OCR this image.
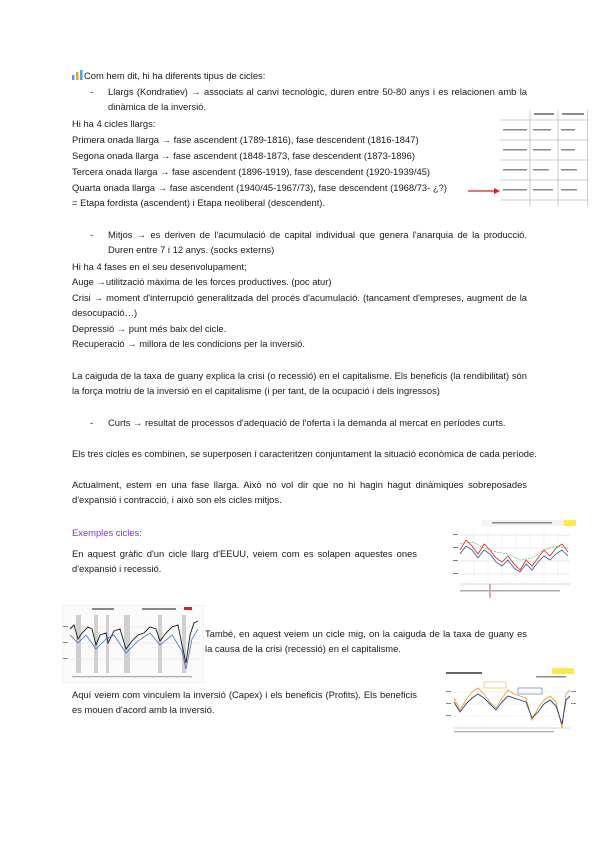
Com hem dit, hi ha diferents tipus de cicles:
- Llargs (Kondratiev) → associats al canvi tecnològic, duren entre 50-80 anys i es relacionen amb la dinàmica de la inversió.
Hi ha 4 cicles llargs:
Primera onada llarga → fase ascendent (1789-1816), fase descendent (1816-1847)
Segona onada llarga → fase ascendent (1848-1873, fase descendent (1873-1896)
Tercera onada llarga → fase ascendent (1896-1919), fase descendent (1920-1939/45)
Quarta onada llarga → fase ascendent (1940/45-1967/73), fase descendent (1968/73- ¿?) = Etapa fordista (ascendent) i Etapa neoliberal (descendent).
- Mitjos → es deriven de l'acumulació de capital individual que genera l'anarquia de la producció. Duren entre 7 i 12 anys. (socks externs)
Hi ha 4 fases en el seu desenvolupament;
Auge →utilització màxima de les forces productives. (poc atur)
Crisi → moment d'interrupció generalitzada del procés d'acumulació. (tancament d'empreses, augment de la desocupació…)
Depressió → punt més baix del cicle.
Recuperació → millora de les condicions per la inversió.
La caiguda de la taxa de guany explica la crisi (o recessió) en el capitalisme. Els beneficis (la rendibilitat) són la força motriu de la inversió en el capitalisme (i per tant, de la ocupació i dels ingressos)
- Curts → resultat de processos d'adequació de l'oferta i la demanda al mercat en períodes curts.
Els tres cicles es combinen, se superposen i caracteritzen conjuntament la situació econòmica de cada període.
Actualment, estem en una fase llarga. Això no vol dir que no hi hagin hagut dinàmiques sobreposades d'expansió i contracció, i això son els cicles mitjos.
Exemples cicles:
En aquest gràfic d'un cicle llarg d'EEUU, veiem com es solapen aquestes ones d'expansió i recessió.
També, en aquest veiem un cicle mig, on la caiguda de la taxa de guany es la causa de la crisi (recessió) en el capitalisme.
Aquí veiem com vinculem la inversió (Capex) i els beneficis (Profits). Els beneficis es mouen d'acord amb la inversió.
